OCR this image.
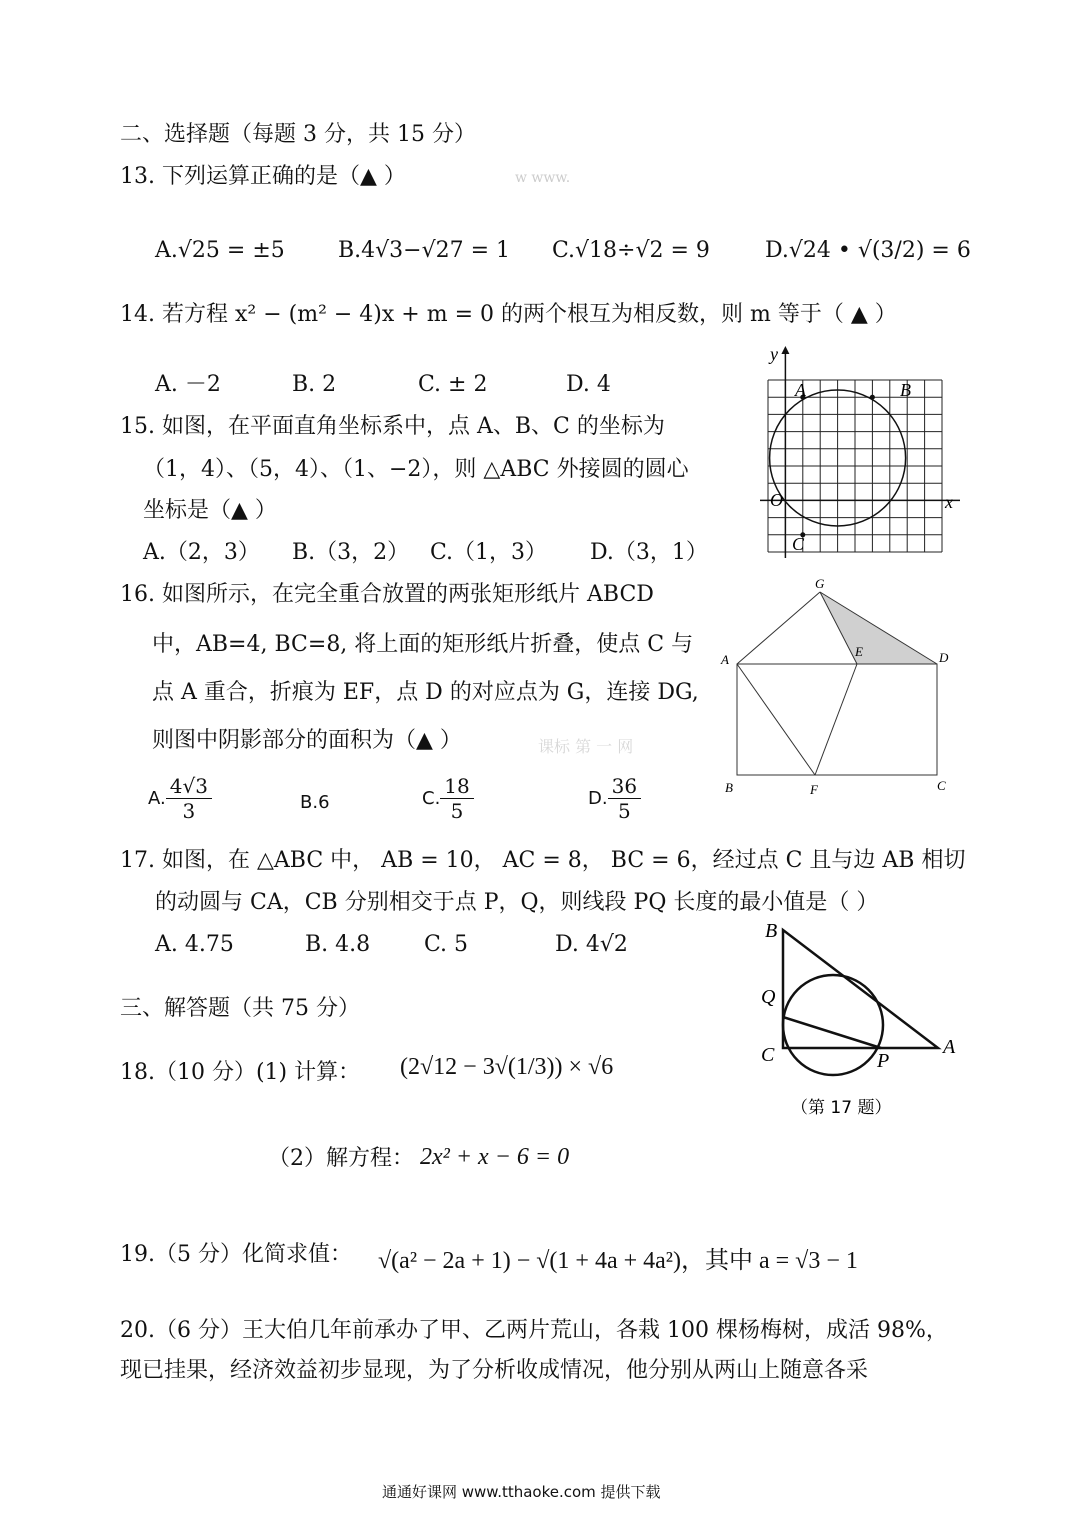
二、选择题（每题 3 分，共 15 分）
13. 下列运算正确的是（▲ ）	w www.
A.√25 = ±5 B.4√3−√27 = 1 C.√18÷√2 = 9	D.√24 • √(3/2) = 6
14. 若方程 x² − (m² − 4)x + m = 0 的两个根互为相反数，则 m 等于（ ▲ ）
A. －2	B. 2	C. ± 2	D. 4
15. 如图，在平面直角坐标系中，点 A、B、C 的坐标为
（1，4）、（5，4）、（1、−2），则 △ABC 外接圆的圆心
坐标是（▲ ）
A.（2，3） B.（3，2） C.（1，3） D.（3，1）
A	B
C
O	x
y
16. 如图所示，在完全重合放置的两张矩形纸片 ABCD
中，AB=4, BC=8, 将上面的矩形纸片折叠，使点 C 与
点 A 重合，折痕为 EF，点 D 的对应点为 G，连接 DG,
则图中阴影部分的面积为（▲ ）	课标 第 一 网
A. $\frac{4√3}{3}$	B.6	C. $\frac{18}{5}$	D. $\frac{36}{5}$
G
A
E	D
B	F	C
17. 如图，在 △ABC 中， AB = 10， AC = 8， BC = 6，经过点 C 且与边 AB 相切
的动圆与 CA，CB 分别相交于点 P，Q，则线段 PQ 长度的最小值是（ ）
A. 4.75	B. 4.8 C. 5	D. 4√2
B
Q
C	P
A
（第 17 题）
三、解答题（共 75 分）
18.（10 分）(1) 计算： (2√12 − 3√(1/3)) × √6
（2）解方程： 2x² + x − 6 = 0
19.（5 分）化简求值： √(a² − 2a + 1) − √(1 + 4a + 4a²)，其中 a = √3 − 1
20.（6 分）王大伯几年前承办了甲、乙两片荒山，各栽 100 棵杨梅树，成活 98%，
现已挂果，经济效益初步显现，为了分析收成情况，他分别从两山上随意各采
通通好课网 www.tthaoke.com 提供下载
